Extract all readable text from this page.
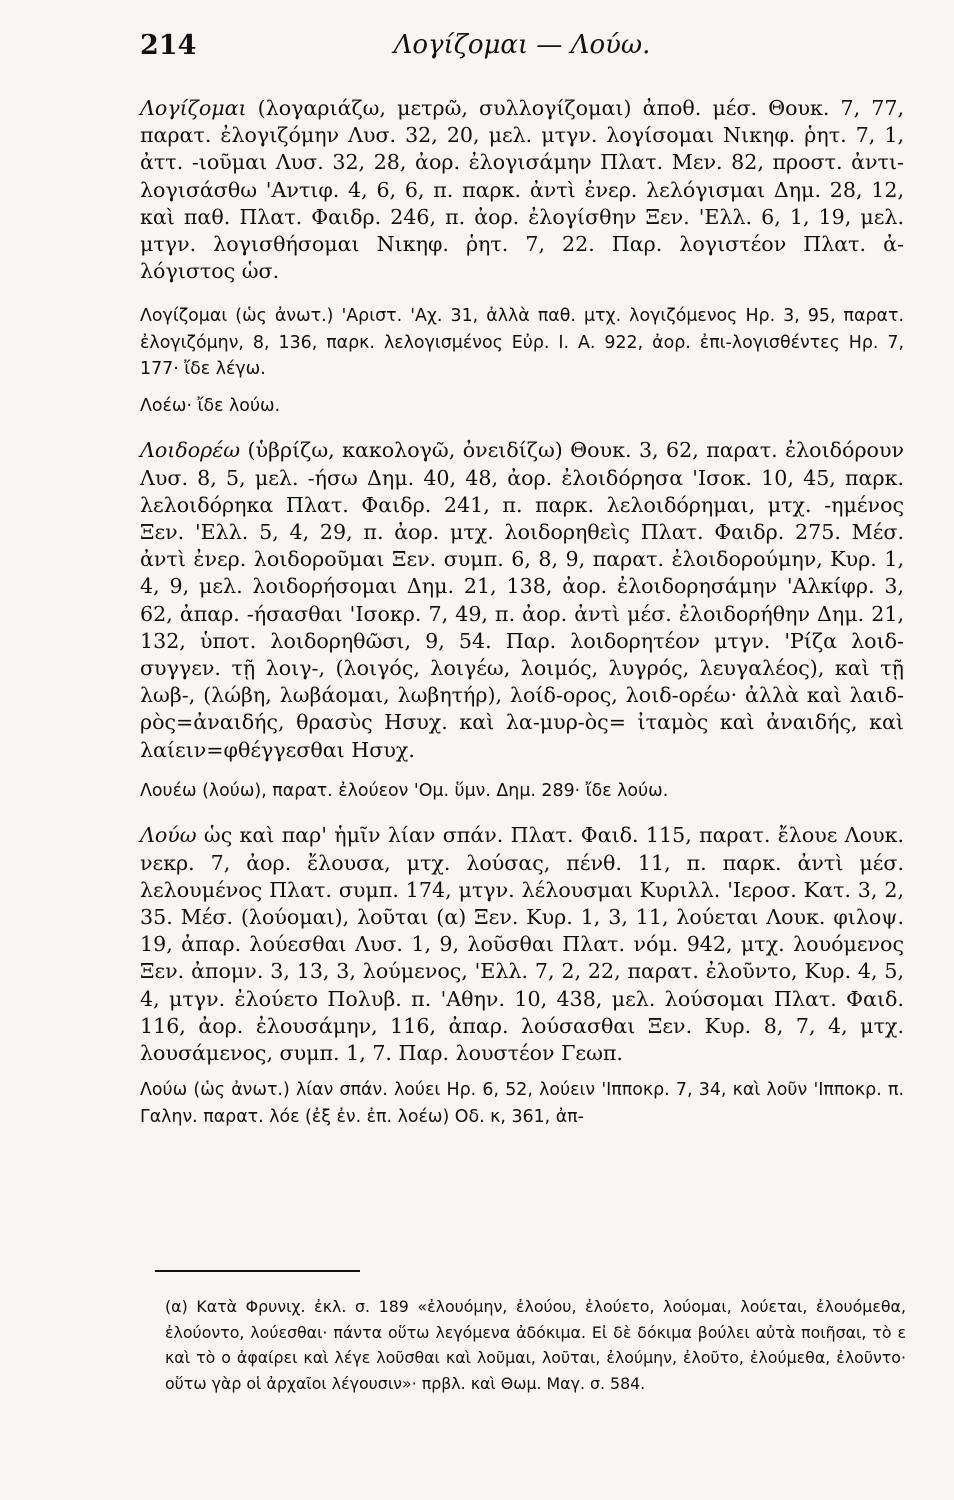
214	Λογίζομαι — Λούω.

Λογίζομαι (λογαριάζω, μετρῶ, συλλογίζομαι) ἀποθ. μέσ. Θουκ. 7, 77, παρατ. ἐλογιζόμην Λυσ. 32, 20, μελ. μτγν. λογίσομαι Νικηφ. ῥητ. 7, 1, ἀττ. -ιοῦμαι Λυσ. 32, 28, ἀορ. ἐλογισάμην Πλατ. Μεν. 82, προστ. ἀντι-λογισάσθω 'Αντιφ. 4, 6, 6, π. παρκ. ἀντὶ ἐνερ. λελόγισμαι Δημ. 28, 12, καὶ παθ. Πλατ. Φαιδρ. 246, π. ἀορ. ἐλογίσθην Ξεν. 'Ελλ. 6, 1, 19, μελ. μτγν. λογισθήσομαι Νικηφ. ῥητ. 7, 22. Παρ. λογιστέον Πλατ. ἀ-λόγιστος ὡσ.

Λογίζομαι (ὡς ἀνωτ.) 'Αριστ. 'Αχ. 31, ἀλλὰ παθ. μτχ. λογιζόμενος Ηρ. 3, 95, παρατ. ἐλογιζόμην, 8, 136, παρκ. λελογισμένος Εὐρ. Ι. Α. 922, ἀορ. ἐπι-λογισθέντες Ηρ. 7, 177· ἴδε λέγω.

Λοέω· ἴδε λούω.

Λοιδορέω (ὑβρίζω, κακολογῶ, ὀνειδίζω) Θουκ. 3, 62, παρατ. ἐλοιδόρουν Λυσ. 8, 5, μελ. -ήσω Δημ. 40, 48, ἀορ. ἐλοιδόρησα 'Ισοκ. 10, 45, παρκ. λελοιδόρηκα Πλατ. Φαιδρ. 241, π. παρκ. λελοιδόρημαι, μτχ. -ημένος Ξεν. 'Ελλ. 5, 4, 29, π. ἀορ. μτχ. λοιδορηθεὶς Πλατ. Φαιδρ. 275. Μέσ. ἀντὶ ἐνερ. λοιδοροῦμαι Ξεν. συμπ. 6, 8, 9, παρατ. ἐλοιδορούμην, Κυρ. 1, 4, 9, μελ. λοιδορήσομαι Δημ. 21, 138, ἀορ. ἐλοιδορησάμην 'Αλκίφρ. 3, 62, ἀπαρ. -ήσασθαι 'Ισοκρ. 7, 49, π. ἀορ. ἀντὶ μέσ. ἐλοιδορήθην Δημ. 21, 132, ὑποτ. λοιδορηθῶσι, 9, 54. Παρ. λοιδορητέον μτγν. 'Ρίζα λοιδ- συγγεν. τῇ λοιγ-, (λοιγός, λοιγέω, λοιμός, λυγρός, λευγαλέος), καὶ τῇ λωβ-, (λώβη, λωβάομαι, λωβητήρ), λοίδ-ορος, λοιδ-ορέω· ἀλλὰ καὶ λαιδ-ρὸς=ἀναιδής, θρασὺς Ησυχ. καὶ λα-μυρ-ὸς= ἰταμὸς καὶ ἀναιδής, καὶ λαίειν=φθέγγεσθαι Ησυχ.

Λουέω (λούω), παρατ. ἐλούεον 'Ομ. ὕμν. Δημ. 289· ἴδε λούω.

Λούω ὡς καὶ παρ' ἡμῖν λίαν σπάν. Πλατ. Φαιδ. 115, παρατ. ἔλουε Λουκ. νεκρ. 7, ἀορ. ἔλουσα, μτχ. λούσας, πένθ. 11, π. παρκ. ἀντὶ μέσ. λελουμένος Πλατ. συμπ. 174, μτγν. λέλουσμαι Κυριλλ. 'Ιεροσ. Κατ. 3, 2, 35. Μέσ. (λούομαι), λοῦται (α) Ξεν. Κυρ. 1, 3, 11, λούεται Λουκ. φιλοψ. 19, ἀπαρ. λούεσθαι Λυσ. 1, 9, λοῦσθαι Πλατ. νόμ. 942, μτχ. λουόμενος Ξεν. ἀπομν. 3, 13, 3, λούμενος, 'Ελλ. 7, 2, 22, παρατ. ἐλοῦντο, Κυρ. 4, 5, 4, μτγν. ἐλούετο Πολυβ. π. 'Αθην. 10, 438, μελ. λούσομαι Πλατ. Φαιδ. 116, ἀορ. ἐλουσάμην, 116, ἀπαρ. λούσασθαι Ξεν. Κυρ. 8, 7, 4, μτχ. λουσάμενος, συμπ. 1, 7. Παρ. λουστέον Γεωπ.

Λούω (ὡς ἀνωτ.) λίαν σπάν. λούει Ηρ. 6, 52, λούειν 'Ιπποκρ. 7, 34, καὶ λοῦν 'Ιπποκρ. π. Γαλην. παρατ. λόε (ἐξ ἐν. ἐπ. λοέω) Οδ. κ, 361, ἀπ-

(α) Κατὰ Φρυνιχ. ἐκλ. σ. 189 «ἐλουόμην, ἐλούου, ἐλούετο, λούομαι, λούεται, ἐλουόμεθα, ἐλούοντο, λούεσθαι· πάντα οὕτω λεγόμενα ἀδόκιμα. Εἰ δὲ δόκιμα βούλει αὐτὰ ποιῆσαι, τὸ ε καὶ τὸ ο ἀφαίρει καὶ λέγε λοῦσθαι καὶ λοῦμαι, λοῦται, ἐλούμην, ἐλοῦτο, ἐλούμεθα, ἐλοῦντο· οὕτω γὰρ οἱ ἀρχαῖοι λέγουσιν»· πρβλ. καὶ Θωμ. Μαγ. σ. 584.
